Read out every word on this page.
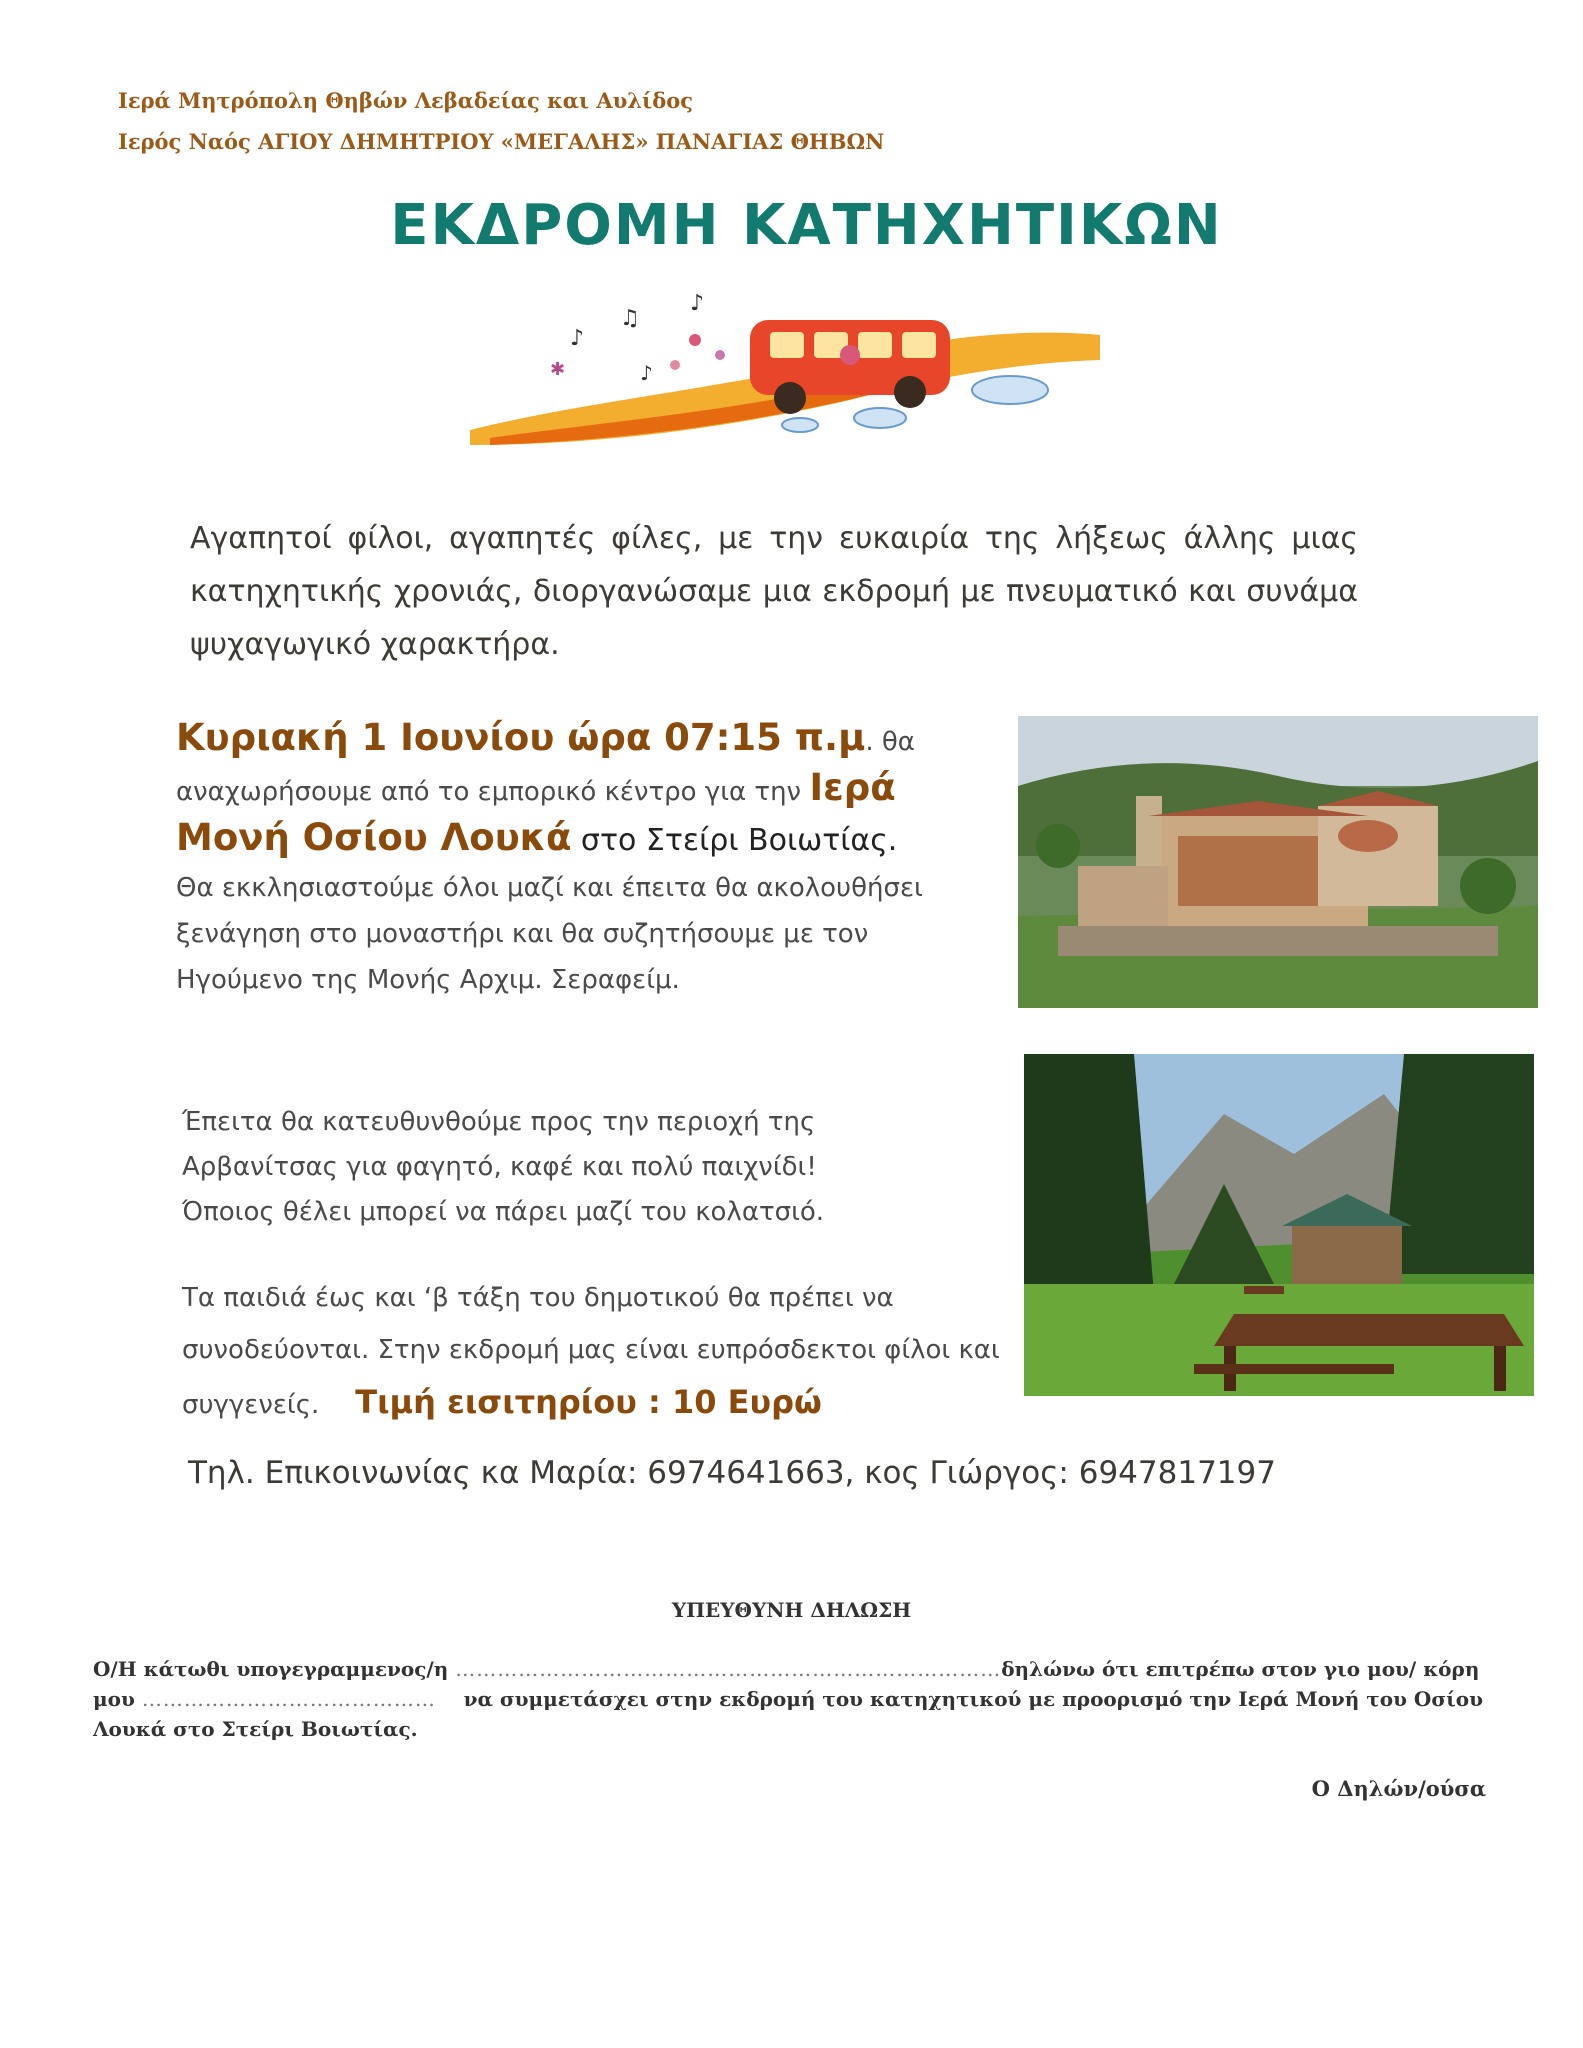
Ιερά Μητρόπολη Θηβών Λεβαδείας και Αυλίδος
Ιερός Ναός ΑΓΙΟΥ ΔΗΜΗΤΡΙΟΥ «ΜΕΓΑΛΗΣ» ΠΑΝΑΓΙΑΣ ΘΗΒΩΝ
ΕΚΔΡΟΜΗ ΚΑΤΗΧΗΤΙΚΩΝ
♪
♫
♪
♪
✱
Αγαπητοί φίλοι, αγαπητές φίλες, με την ευκαιρία της λήξεως άλλης μιας κατηχητικής χρονιάς, διοργανώσαμε μια εκδρομή με πνευματικό και συνάμα ψυχαγωγικό χαρακτήρα.
Κυριακή 1 Ιουνίου ώρα 07:15 π.μ. θα αναχωρήσουμε από το εμπορικό κέντρο για την Ιερά Μονή Οσίου Λουκά στο Στείρι Βοιωτίας.
Θα εκκλησιαστούμε όλοι μαζί και έπειτα θα ακολουθήσει ξενάγηση στο μοναστήρι και θα συζητήσουμε με τον Ηγούμενο της Μονής Αρχιμ. Σεραφείμ.
Έπειτα θα κατευθυνθούμε προς την περιοχή της
Αρβανίτσας για φαγητό, καφέ και πολύ παιχνίδι!
Όποιος θέλει μπορεί να πάρει μαζί του κολατσιό.
Τα παιδιά έως και ‘β τάξη του δημοτικού θα πρέπει να συνοδεύονται. Στην εκδρομή μας είναι ευπρόσδεκτοι φίλοι και συγγενείς. Τιμή εισιτηρίου : 10 Ευρώ
Τηλ. Επικοινωνίας κα Μαρία: 6974641663, κος Γιώργος: 6947817197
ΥΠΕΥΘΥΝΗ ΔΗΛΩΣΗ
Ο/Η κάτωθι υπογεγραμμενος/η ……………………………………………………………………δηλώνω ότι επιτρέπω στον γιο μου/ κόρη μου ……………………………………    να συμμετάσχει στην εκδρομή του κατηχητικού με προορισμό την Ιερά Μονή του Οσίου Λουκά στο Στείρι Βοιωτίας.
Ο Δηλών/ούσα
